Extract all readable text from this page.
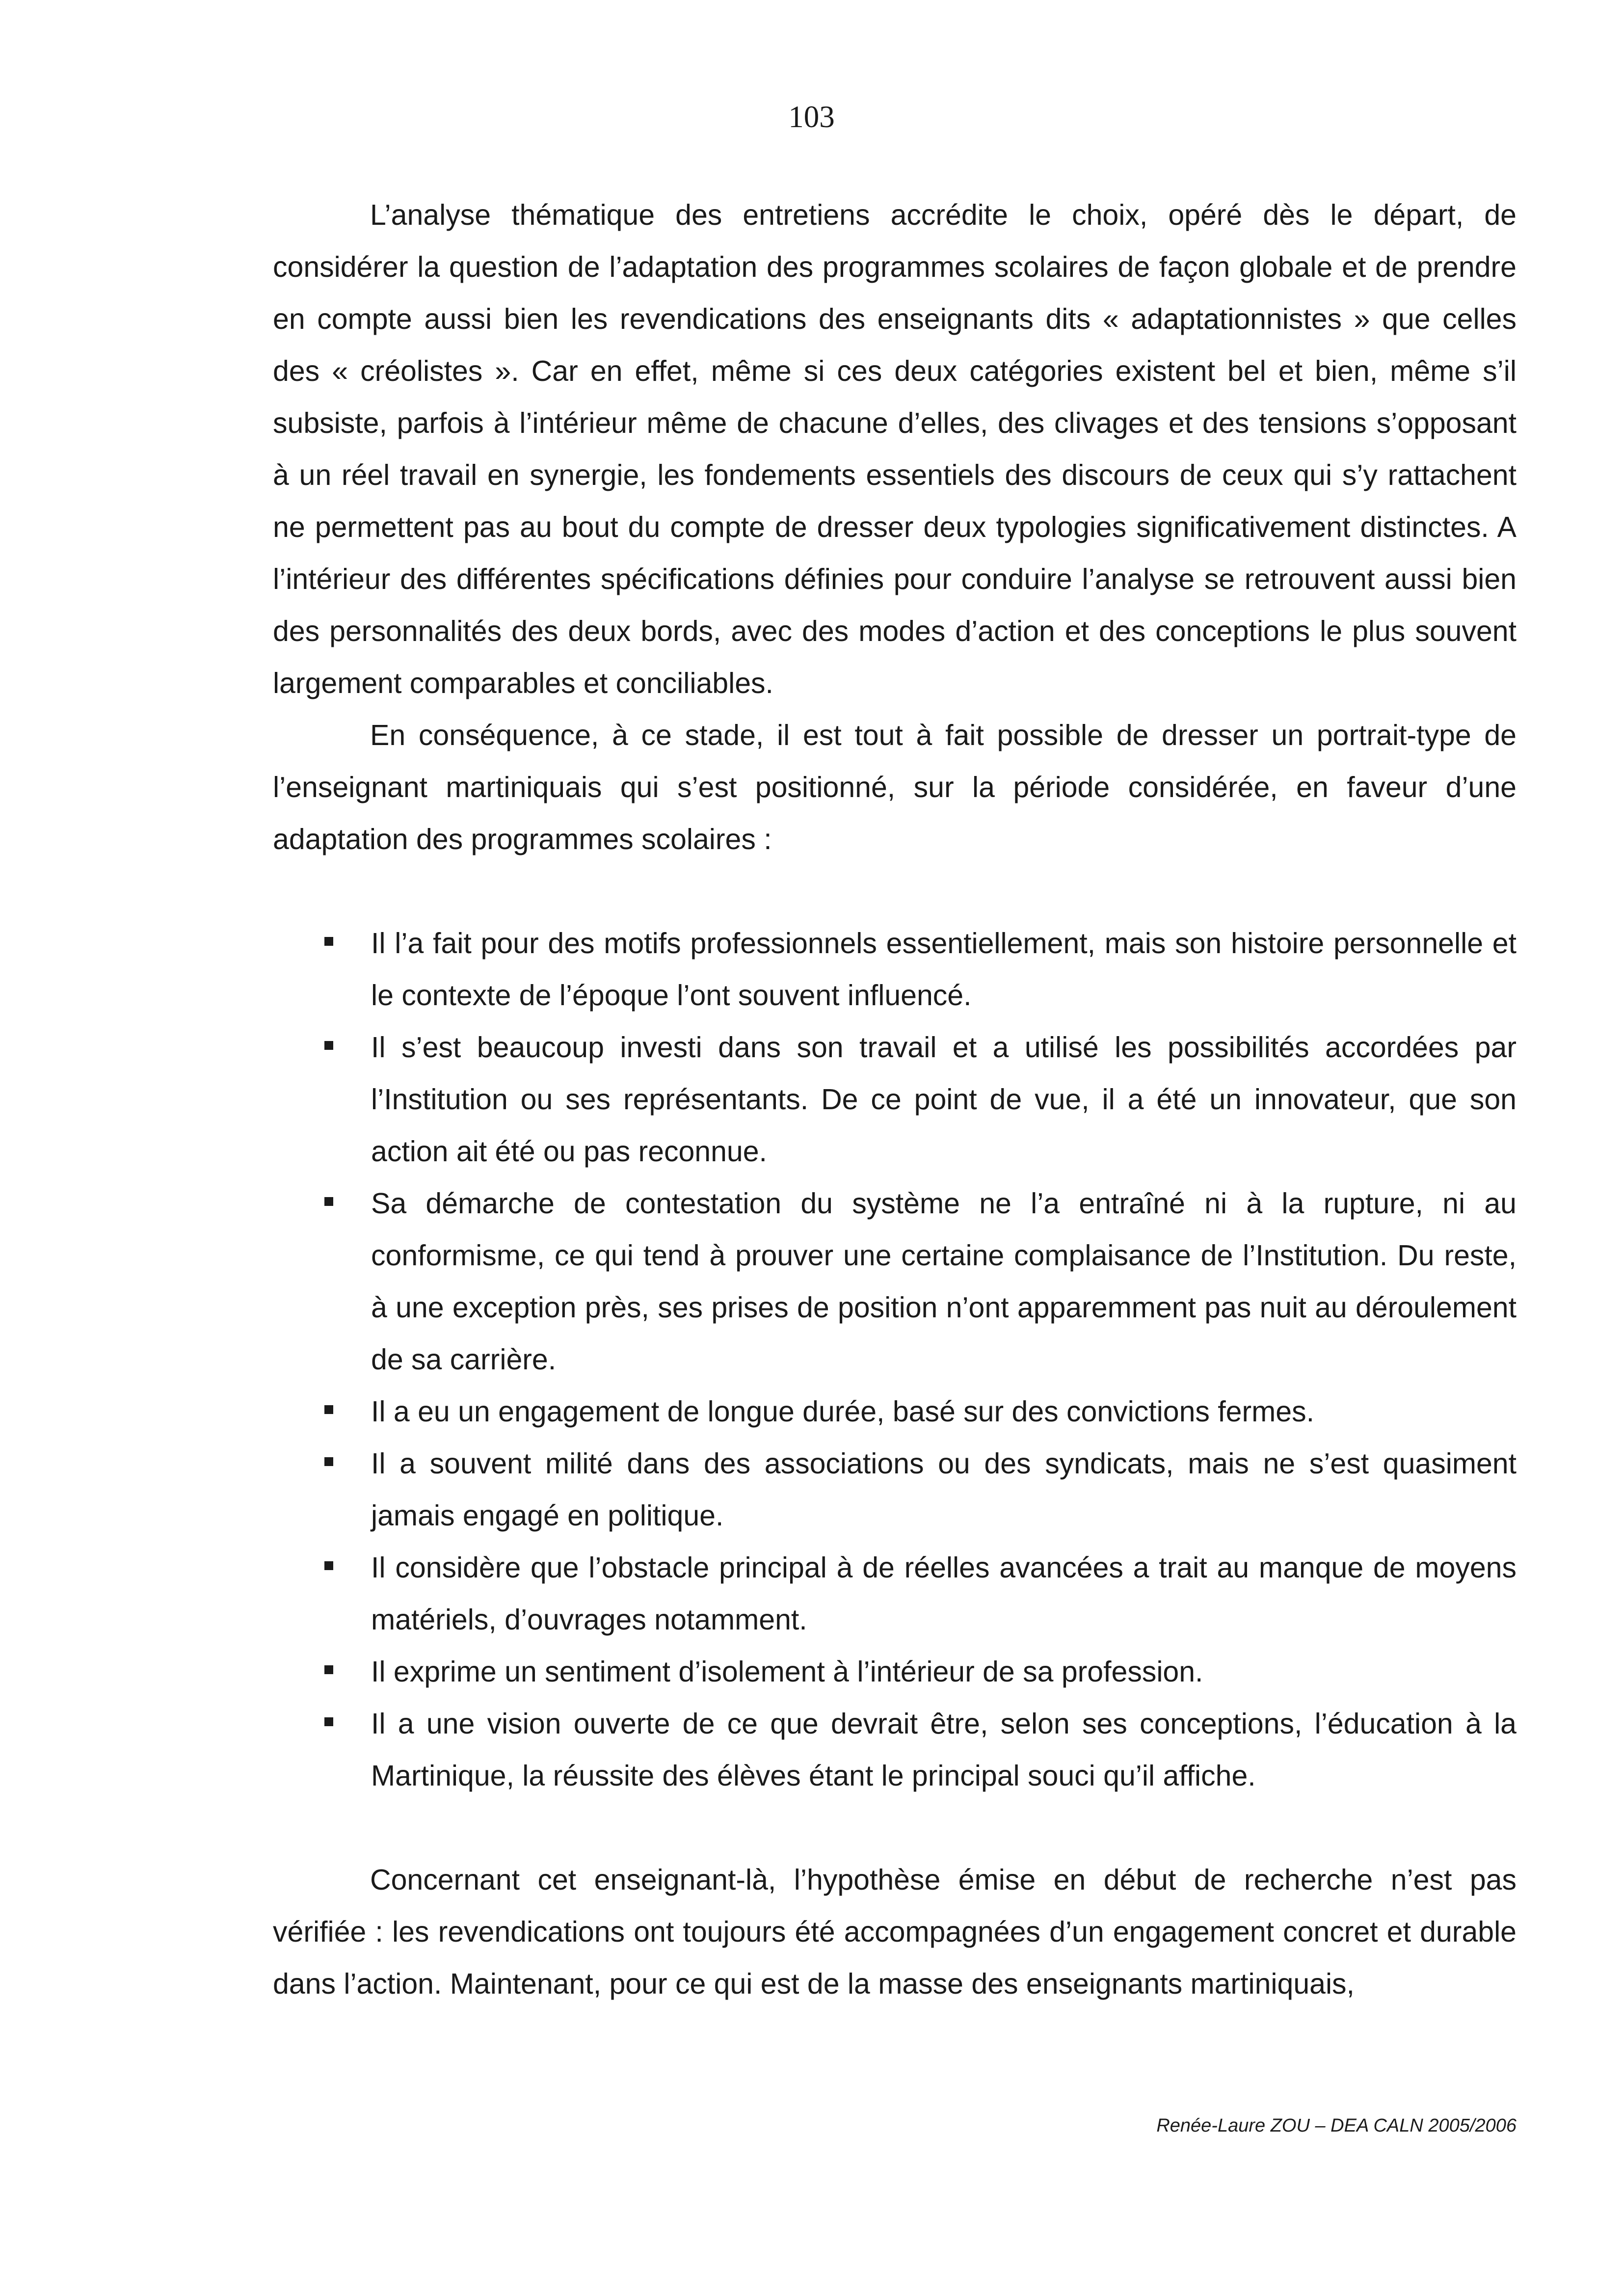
103

L’analyse thématique des entretiens accrédite le choix, opéré dès le départ, de considérer la question de l’adaptation des programmes scolaires de façon globale et de prendre en compte aussi bien les revendications des enseignants dits « adaptationnistes » que celles des « créolistes ». Car en effet, même si ces deux catégories existent bel et bien, même s’il subsiste, parfois à l’intérieur même de chacune d’elles, des clivages et des tensions s’opposant à un réel travail en synergie, les fondements essentiels des discours de ceux qui s’y rattachent ne permettent pas au bout du compte de dresser deux typologies significativement distinctes. A l’intérieur des différentes spécifications définies pour conduire l’analyse se retrouvent aussi bien des personnalités des deux bords, avec des modes d’action et des conceptions le plus souvent largement comparables et conciliables.

En conséquence, à ce stade, il est tout à fait possible de dresser un portrait-type de l’enseignant martiniquais qui s’est positionné, sur la période considérée, en faveur d’une adaptation des programmes scolaires :

Il l’a fait pour des motifs professionnels essentiellement, mais son histoire personnelle et le contexte de l’époque l’ont souvent influencé.
Il s’est beaucoup investi dans son travail et a utilisé les possibilités accordées par l’Institution ou ses représentants. De ce point de vue, il a été un innovateur, que son action ait été ou pas reconnue.
Sa démarche de contestation du système ne l’a entraîné ni à la rupture, ni au conformisme, ce qui tend à prouver une certaine complaisance de l’Institution. Du reste, à une exception près, ses prises de position n’ont apparemment pas nuit au déroulement de sa carrière.
Il a eu un engagement de longue durée, basé sur des convictions fermes.
Il a souvent milité dans des associations ou des syndicats, mais ne s’est quasiment jamais engagé en politique.
Il considère que l’obstacle principal à de réelles avancées a trait au manque de moyens matériels, d’ouvrages notamment.
Il exprime un sentiment d’isolement à l’intérieur de sa profession.
Il a une vision ouverte de ce que devrait être, selon ses conceptions, l’éducation à la Martinique, la réussite des élèves étant le principal souci qu’il affiche.

Concernant cet enseignant-là, l’hypothèse émise en début de recherche n’est pas vérifiée : les revendications ont toujours été accompagnées d’un engagement concret et durable dans l’action. Maintenant, pour ce qui est de la masse des enseignants martiniquais,

Renée-Laure ZOU – DEA CALN 2005/2006
